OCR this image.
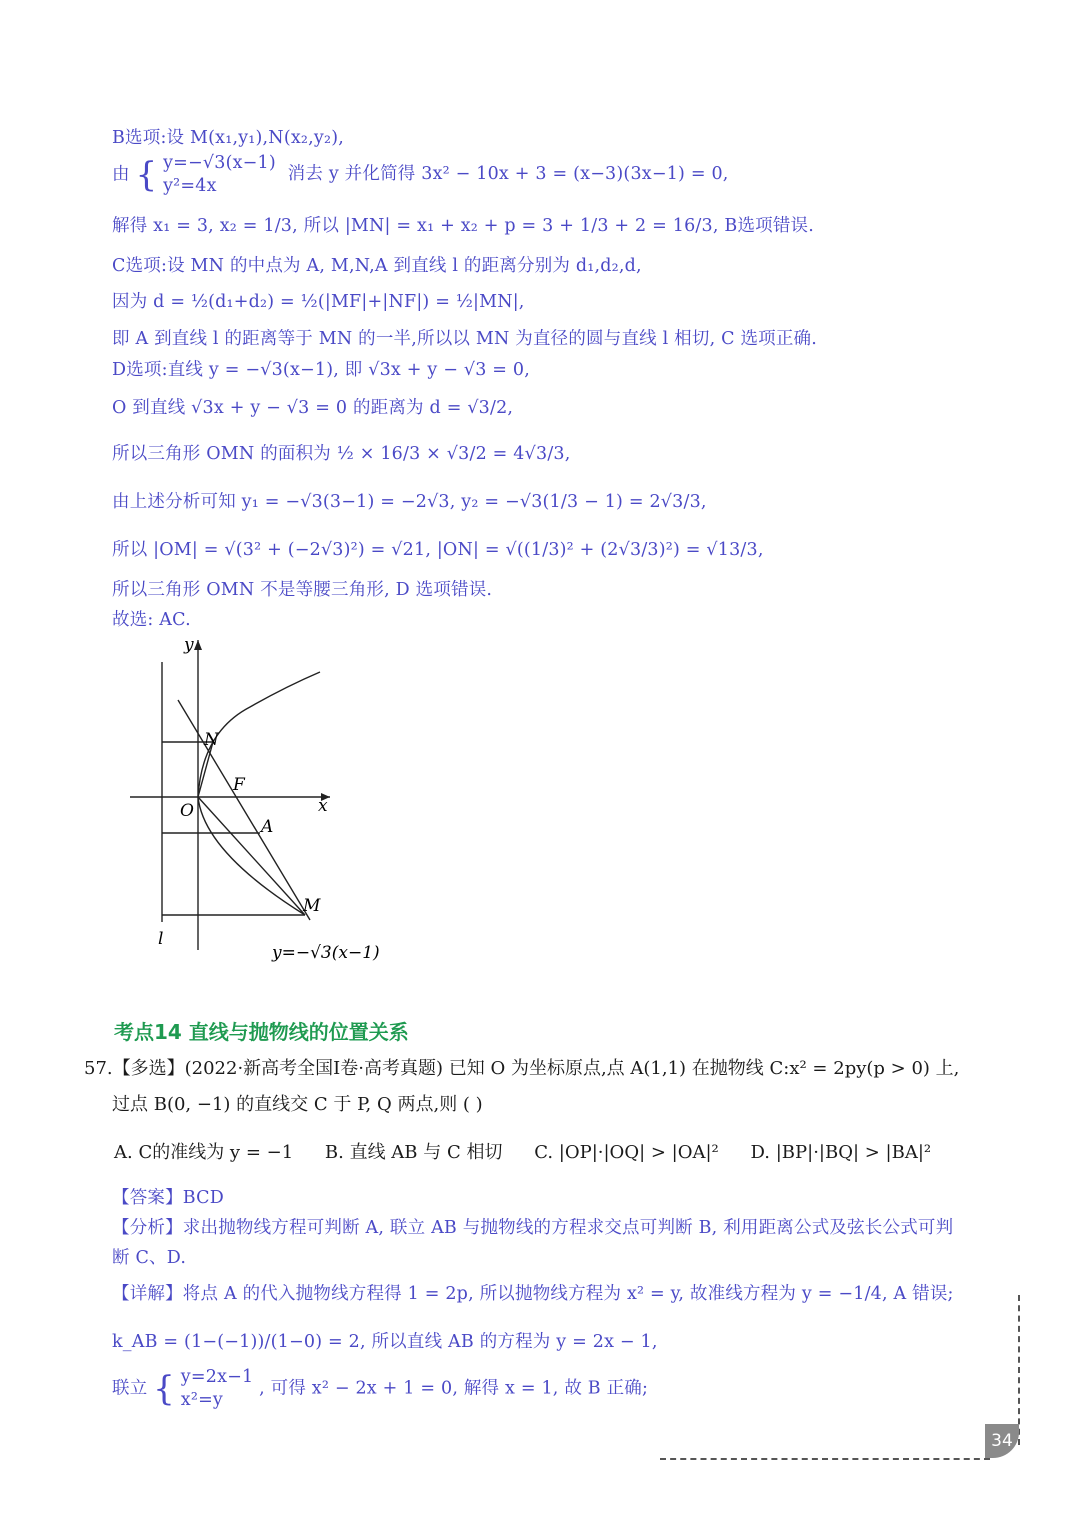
B选项:设 M(x₁,y₁),N(x₂,y₂),
由 { y=−√3(x−1)
y²=4x
消去 y 并化简得 3x² − 10x + 3 = (x−3)(3x−1) = 0,
解得 x₁ = 3, x₂ = 1/3, 所以 |MN| = x₁ + x₂ + p = 3 + 1/3 + 2 = 16/3, B选项错误.
C选项:设 MN 的中点为 A, M,N,A 到直线 l 的距离分别为 d₁,d₂,d,
因为 d = ½(d₁+d₂) = ½(|MF|+|NF|) = ½|MN|,
即 A 到直线 l 的距离等于 MN 的一半,所以以 MN 为直径的圆与直线 l 相切, C 选项正确.
D选项:直线 y = −√3(x−1), 即 √3x + y − √3 = 0,
O 到直线 √3x + y − √3 = 0 的距离为 d = √3/2,
所以三角形 OMN 的面积为 ½ × 16/3 × √3/2 = 4√3/3,
由上述分析可知 y₁ = −√3(3−1) = −2√3, y₂ = −√3(1/3 − 1) = 2√3/3,
所以 |OM| = √(3² + (−2√3)²) = √21, |ON| = √((1/3)² + (2√3/3)²) = √13/3,
所以三角形 OMN 不是等腰三角形, D 选项错误.
故选: AC.
y
x
O
N
F
A
M
l
y=−√3(x−1)
考点14 直线与抛物线的位置关系
57.【多选】(2022·新高考全国Ⅰ卷·高考真题) 已知 O 为坐标原点,点 A(1,1) 在抛物线 C:x² = 2py(p > 0) 上,
过点 B(0, −1) 的直线交 C 于 P, Q 两点,则 ( )
A. C的准线为 y = −1 B. 直线 AB 与 C 相切 C. |OP|·|OQ| > |OA|² D. |BP|·|BQ| > |BA|²
【答案】BCD
【分析】求出抛物线方程可判断 A, 联立 AB 与抛物线的方程求交点可判断 B, 利用距离公式及弦长公式可判
断 C、D.
【详解】将点 A 的代入抛物线方程得 1 = 2p, 所以抛物线方程为 x² = y, 故准线方程为 y = −1/4, A 错误;
k_AB = (1−(−1))/(1−0) = 2, 所以直线 AB 的方程为 y = 2x − 1,
联立 { y=2x−1
x²=y
, 可得 x² − 2x + 1 = 0, 解得 x = 1, 故 B 正确;
34
